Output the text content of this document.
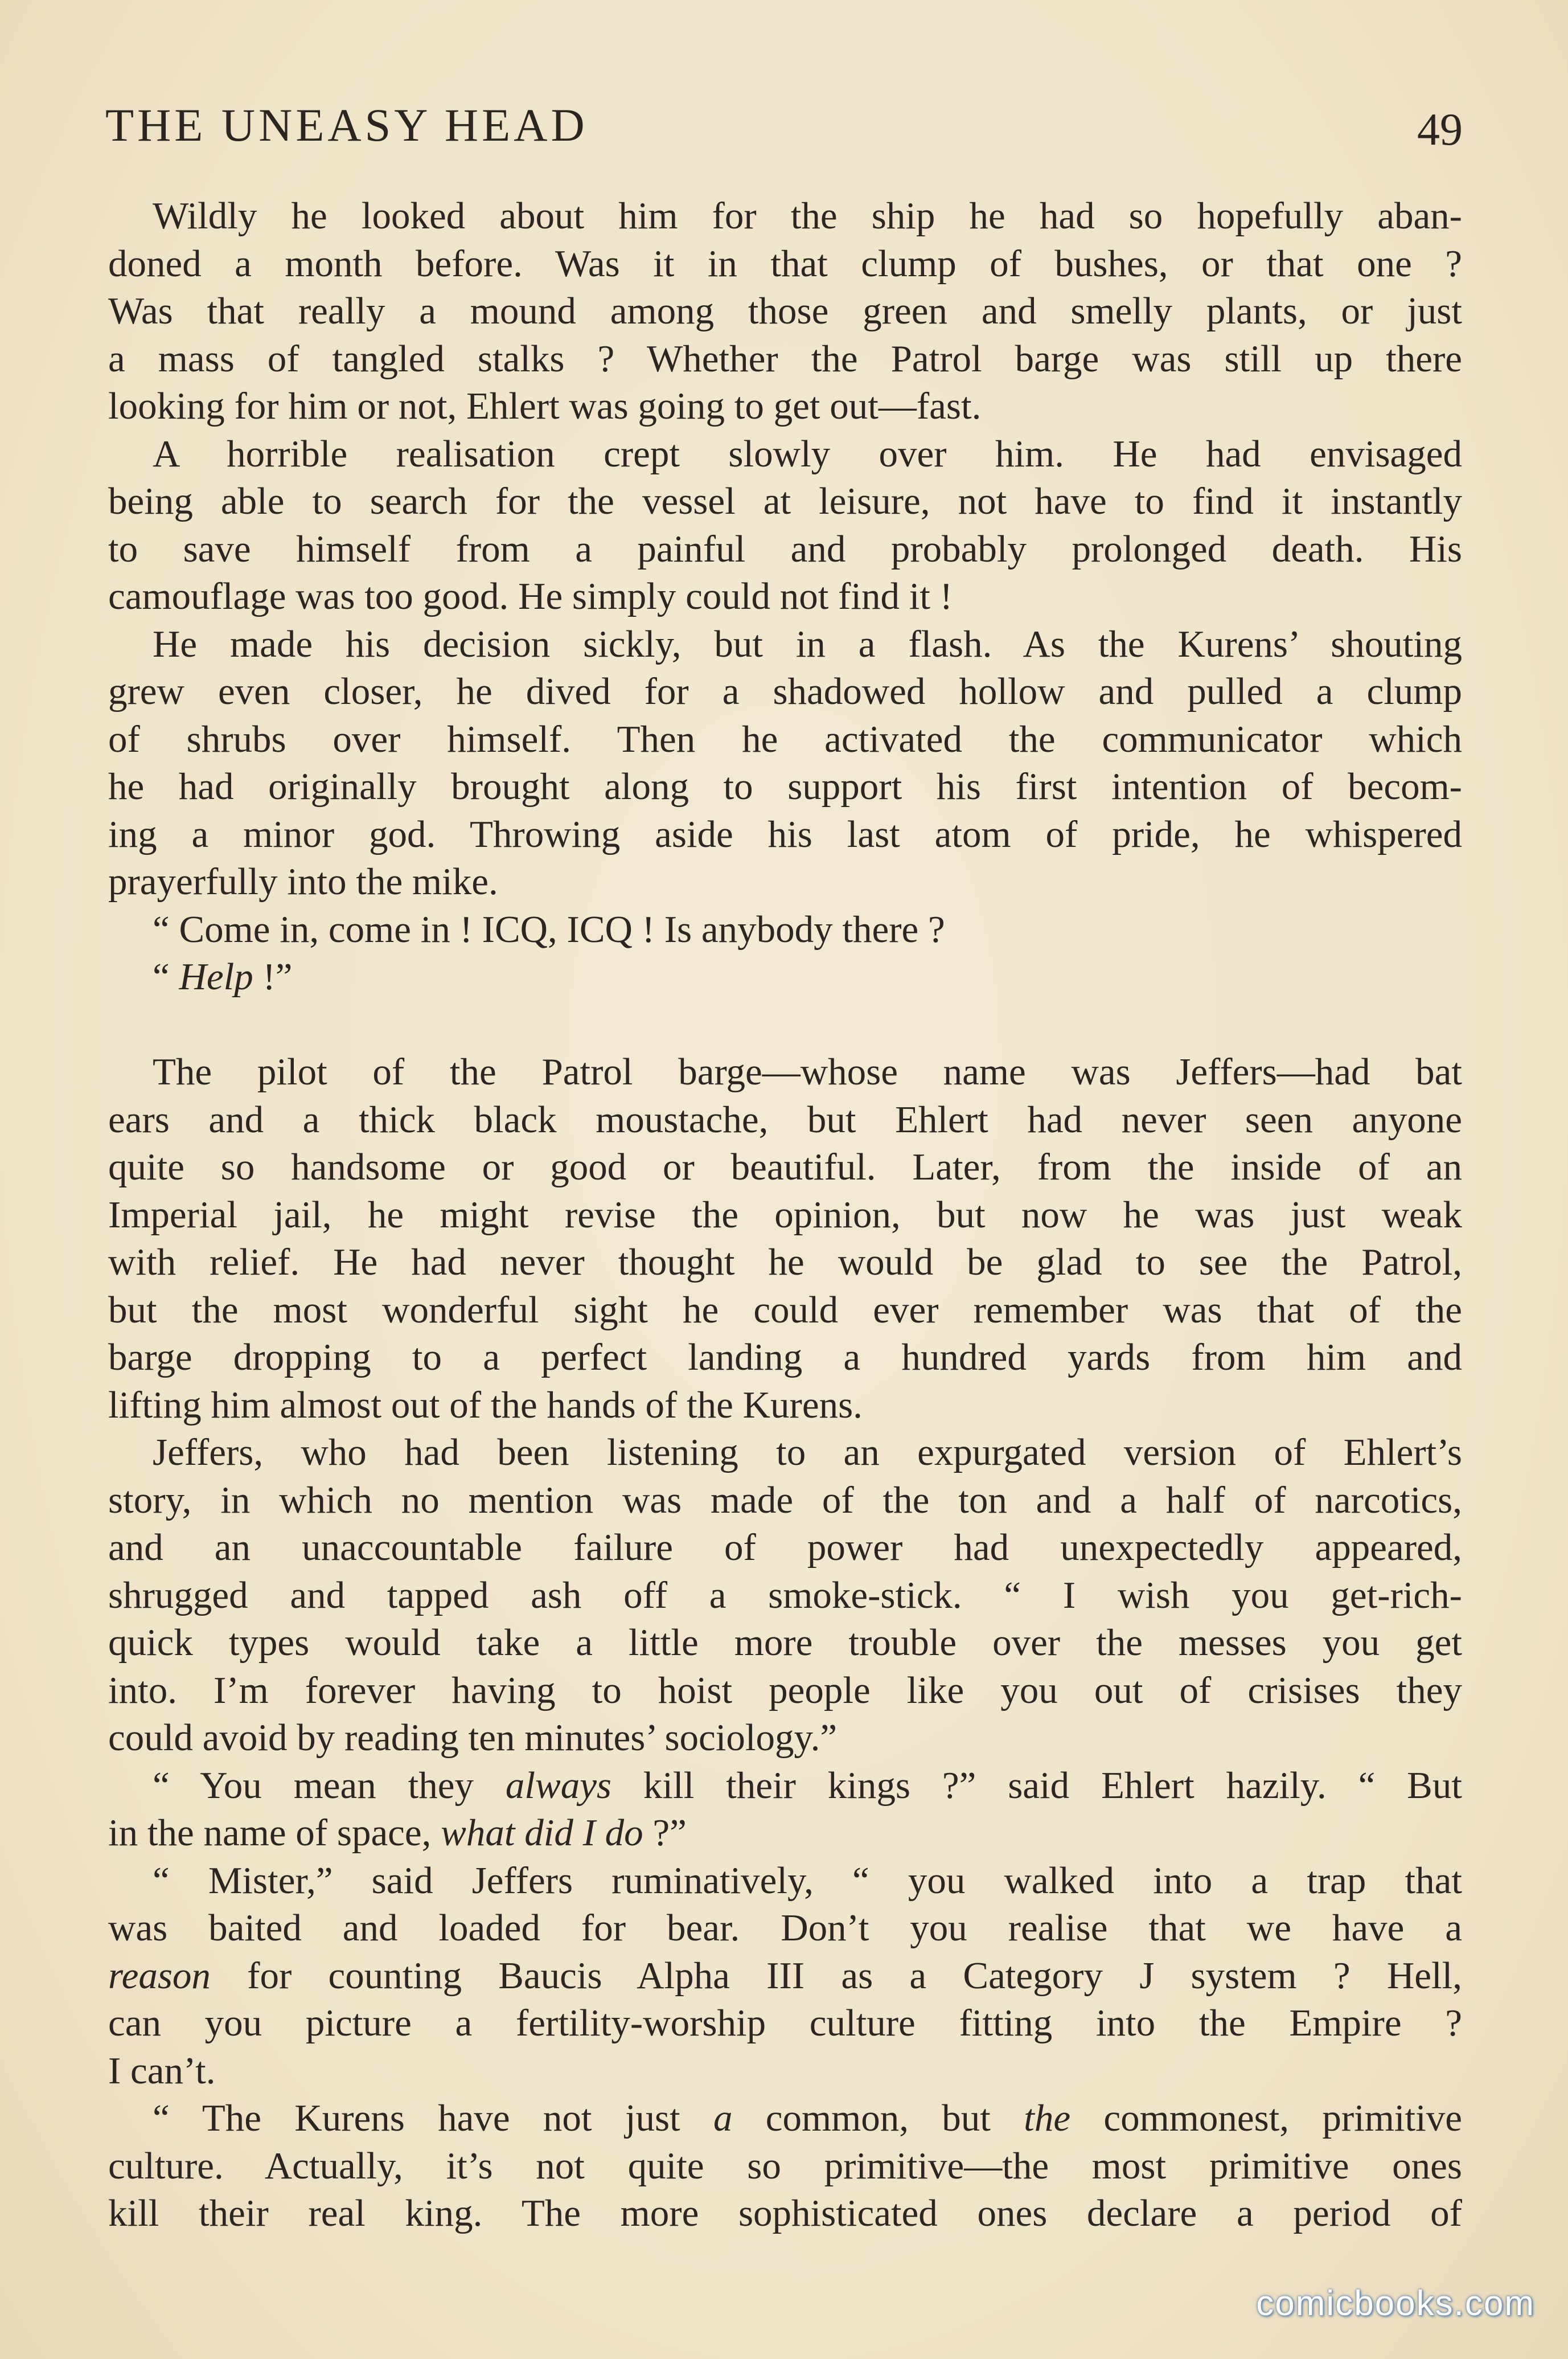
THE UNEASY HEAD	49
Wildly he looked about him for the ship he had so hopefully aban-
doned a month before. Was it in that clump of bushes, or that one ?
Was that really a mound among those green and smelly plants, or just
a mass of tangled stalks ? Whether the Patrol barge was still up there
looking for him or not, Ehlert was going to get out—fast.
A horrible realisation crept slowly over him. He had envisaged
being able to search for the vessel at leisure, not have to find it instantly
to save himself from a painful and probably prolonged death. His
camouflage was too good. He simply could not find it !
He made his decision sickly, but in a flash. As the Kurens’ shouting
grew even closer, he dived for a shadowed hollow and pulled a clump
of shrubs over himself. Then he activated the communicator which
he had originally brought along to support his first intention of becom-
ing a minor god. Throwing aside his last atom of pride, he whispered
prayerfully into the mike.
“ Come in, come in ! ICQ, ICQ ! Is anybody there ?
“ Help !”
The pilot of the Patrol barge—whose name was Jeffers—had bat
ears and a thick black moustache, but Ehlert had never seen anyone
quite so handsome or good or beautiful. Later, from the inside of an
Imperial jail, he might revise the opinion, but now he was just weak
with relief. He had never thought he would be glad to see the Patrol,
but the most wonderful sight he could ever remember was that of the
barge dropping to a perfect landing a hundred yards from him and
lifting him almost out of the hands of the Kurens.
Jeffers, who had been listening to an expurgated version of Ehlert’s
story, in which no mention was made of the ton and a half of narcotics,
and an unaccountable failure of power had unexpectedly appeared,
shrugged and tapped ash off a smoke-stick. “ I wish you get-rich-
quick types would take a little more trouble over the messes you get
into. I’m forever having to hoist people like you out of crisises they
could avoid by reading ten minutes’ sociology.”
“ You mean they always kill their kings ?” said Ehlert hazily. “ But
in the name of space, what did I do ?”
“ Mister,” said Jeffers ruminatively, “ you walked into a trap that
was baited and loaded for bear. Don’t you realise that we have a
reason for counting Baucis Alpha III as a Category J system ? Hell,
can you picture a fertility-worship culture fitting into the Empire ?
I can’t.
“ The Kurens have not just a common, but the commonest, primitive
culture. Actually, it’s not quite so primitive—the most primitive ones
kill their real king. The more sophisticated ones declare a period of
comicbooks.com
